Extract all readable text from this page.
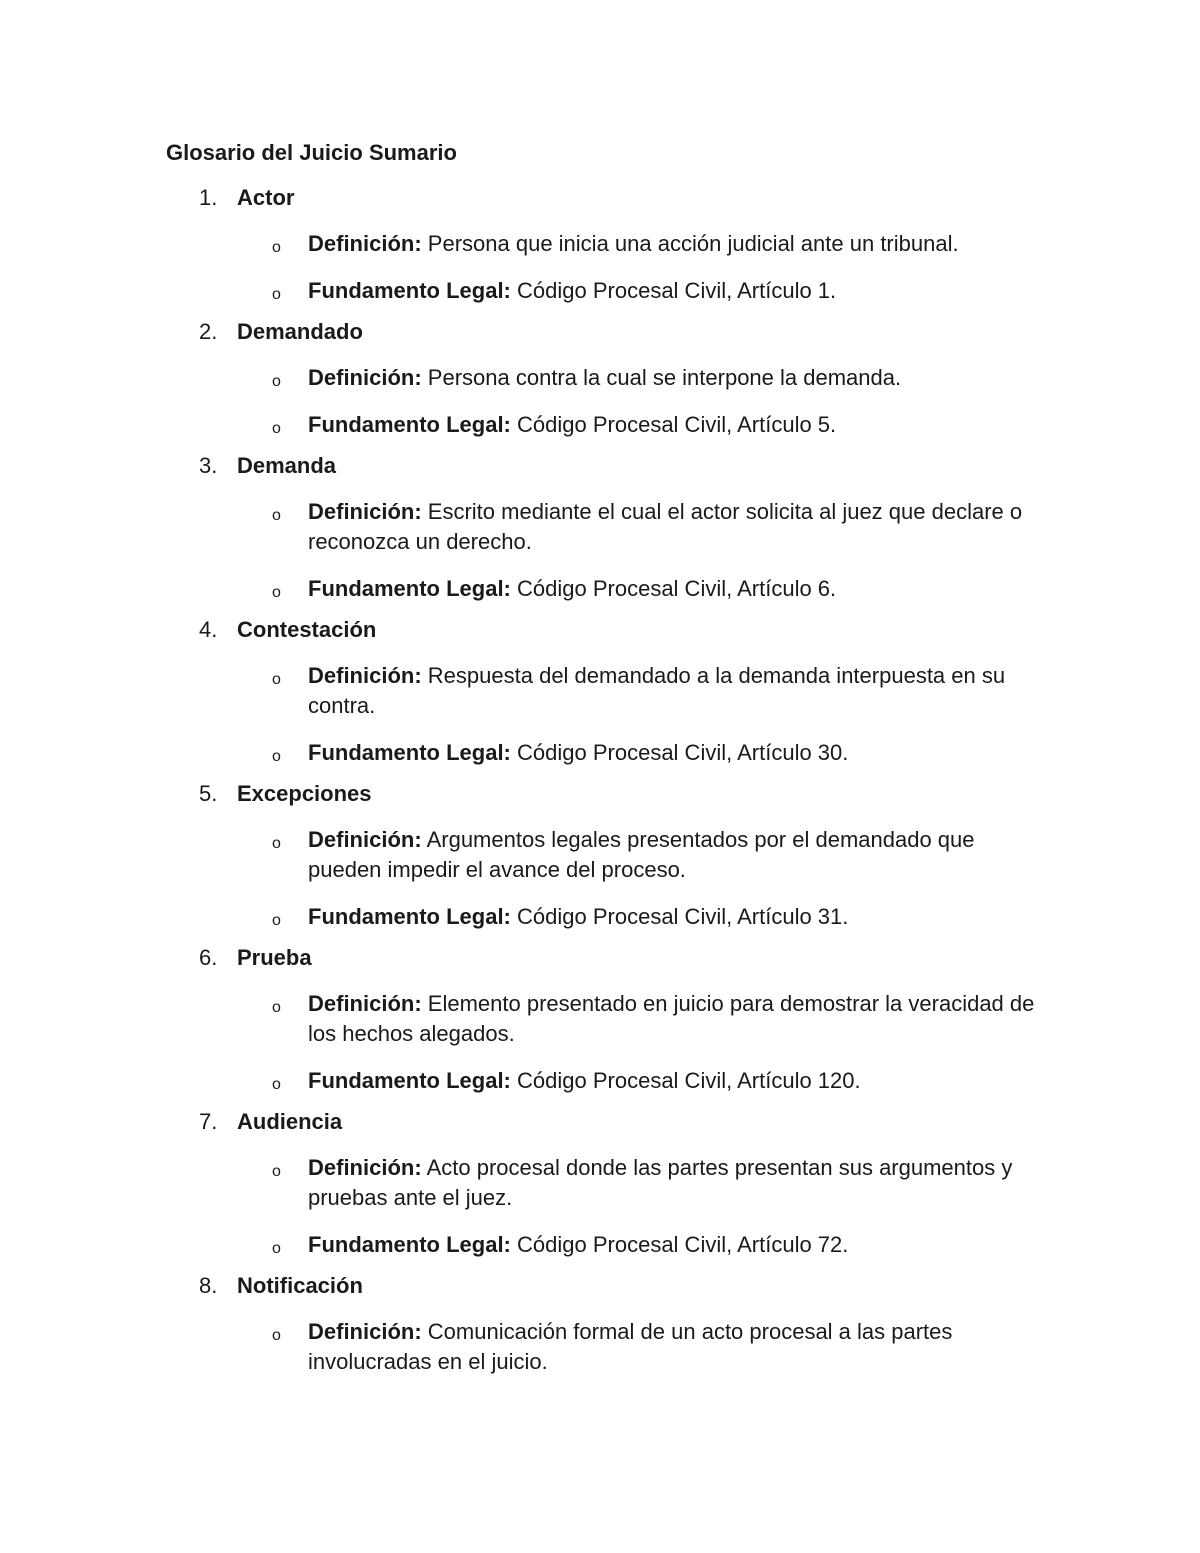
Glosario del Juicio Sumario
1. Actor
o Definición: Persona que inicia una acción judicial ante un tribunal.
o Fundamento Legal: Código Procesal Civil, Artículo 1.
2. Demandado
o Definición: Persona contra la cual se interpone la demanda.
o Fundamento Legal: Código Procesal Civil, Artículo 5.
3. Demanda
o Definición: Escrito mediante el cual el actor solicita al juez que declare o reconozca un derecho.
o Fundamento Legal: Código Procesal Civil, Artículo 6.
4. Contestación
o Definición: Respuesta del demandado a la demanda interpuesta en su contra.
o Fundamento Legal: Código Procesal Civil, Artículo 30.
5. Excepciones
o Definición: Argumentos legales presentados por el demandado que pueden impedir el avance del proceso.
o Fundamento Legal: Código Procesal Civil, Artículo 31.
6. Prueba
o Definición: Elemento presentado en juicio para demostrar la veracidad de los hechos alegados.
o Fundamento Legal: Código Procesal Civil, Artículo 120.
7. Audiencia
o Definición: Acto procesal donde las partes presentan sus argumentos y pruebas ante el juez.
o Fundamento Legal: Código Procesal Civil, Artículo 72.
8. Notificación
o Definición: Comunicación formal de un acto procesal a las partes involucradas en el juicio.
